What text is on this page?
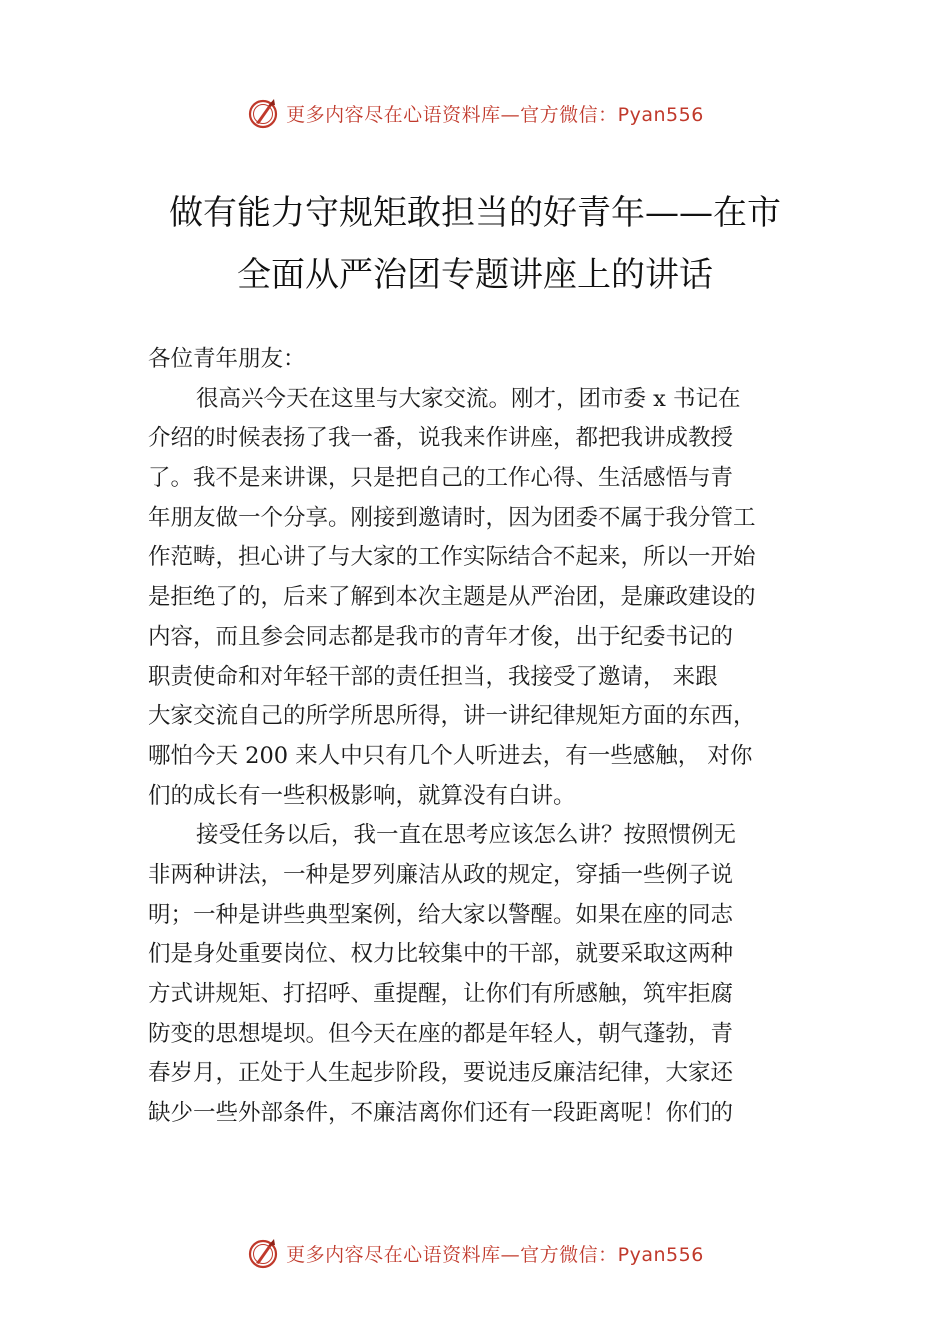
更多内容尽在心语资料库—官方微信：Pyan556
做有能力守规矩敢担当的好青年——在市
全面从严治团专题讲座上的讲话
各位青年朋友：
很高兴今天在这里与大家交流。刚才，团市委 x 书记在
介绍的时候表扬了我一番，说我来作讲座，都把我讲成教授
了。我不是来讲课，只是把自己的工作心得、生活感悟与青
年朋友做一个分享。刚接到邀请时，因为团委不属于我分管工
作范畴，担心讲了与大家的工作实际结合不起来，所以一开始
是拒绝了的，后来了解到本次主题是从严治团，是廉政建设的
内容，而且参会同志都是我市的青年才俊，出于纪委书记的
职责使命和对年轻干部的责任担当，我接受了邀请， 来跟
大家交流自己的所学所思所得，讲一讲纪律规矩方面的东西，
哪怕今天 200 来人中只有几个人听进去，有一些感触， 对你
们的成长有一些积极影响，就算没有白讲。
接受任务以后，我一直在思考应该怎么讲？按照惯例无
非两种讲法，一种是罗列廉洁从政的规定，穿插一些例子说
明；一种是讲些典型案例，给大家以警醒。如果在座的同志
们是身处重要岗位、权力比较集中的干部，就要采取这两种
方式讲规矩、打招呼、重提醒，让你们有所感触，筑牢拒腐
防变的思想堤坝。但今天在座的都是年轻人，朝气蓬勃，青
春岁月，正处于人生起步阶段，要说违反廉洁纪律，大家还
缺少一些外部条件，不廉洁离你们还有一段距离呢！你们的
更多内容尽在心语资料库—官方微信：Pyan556
